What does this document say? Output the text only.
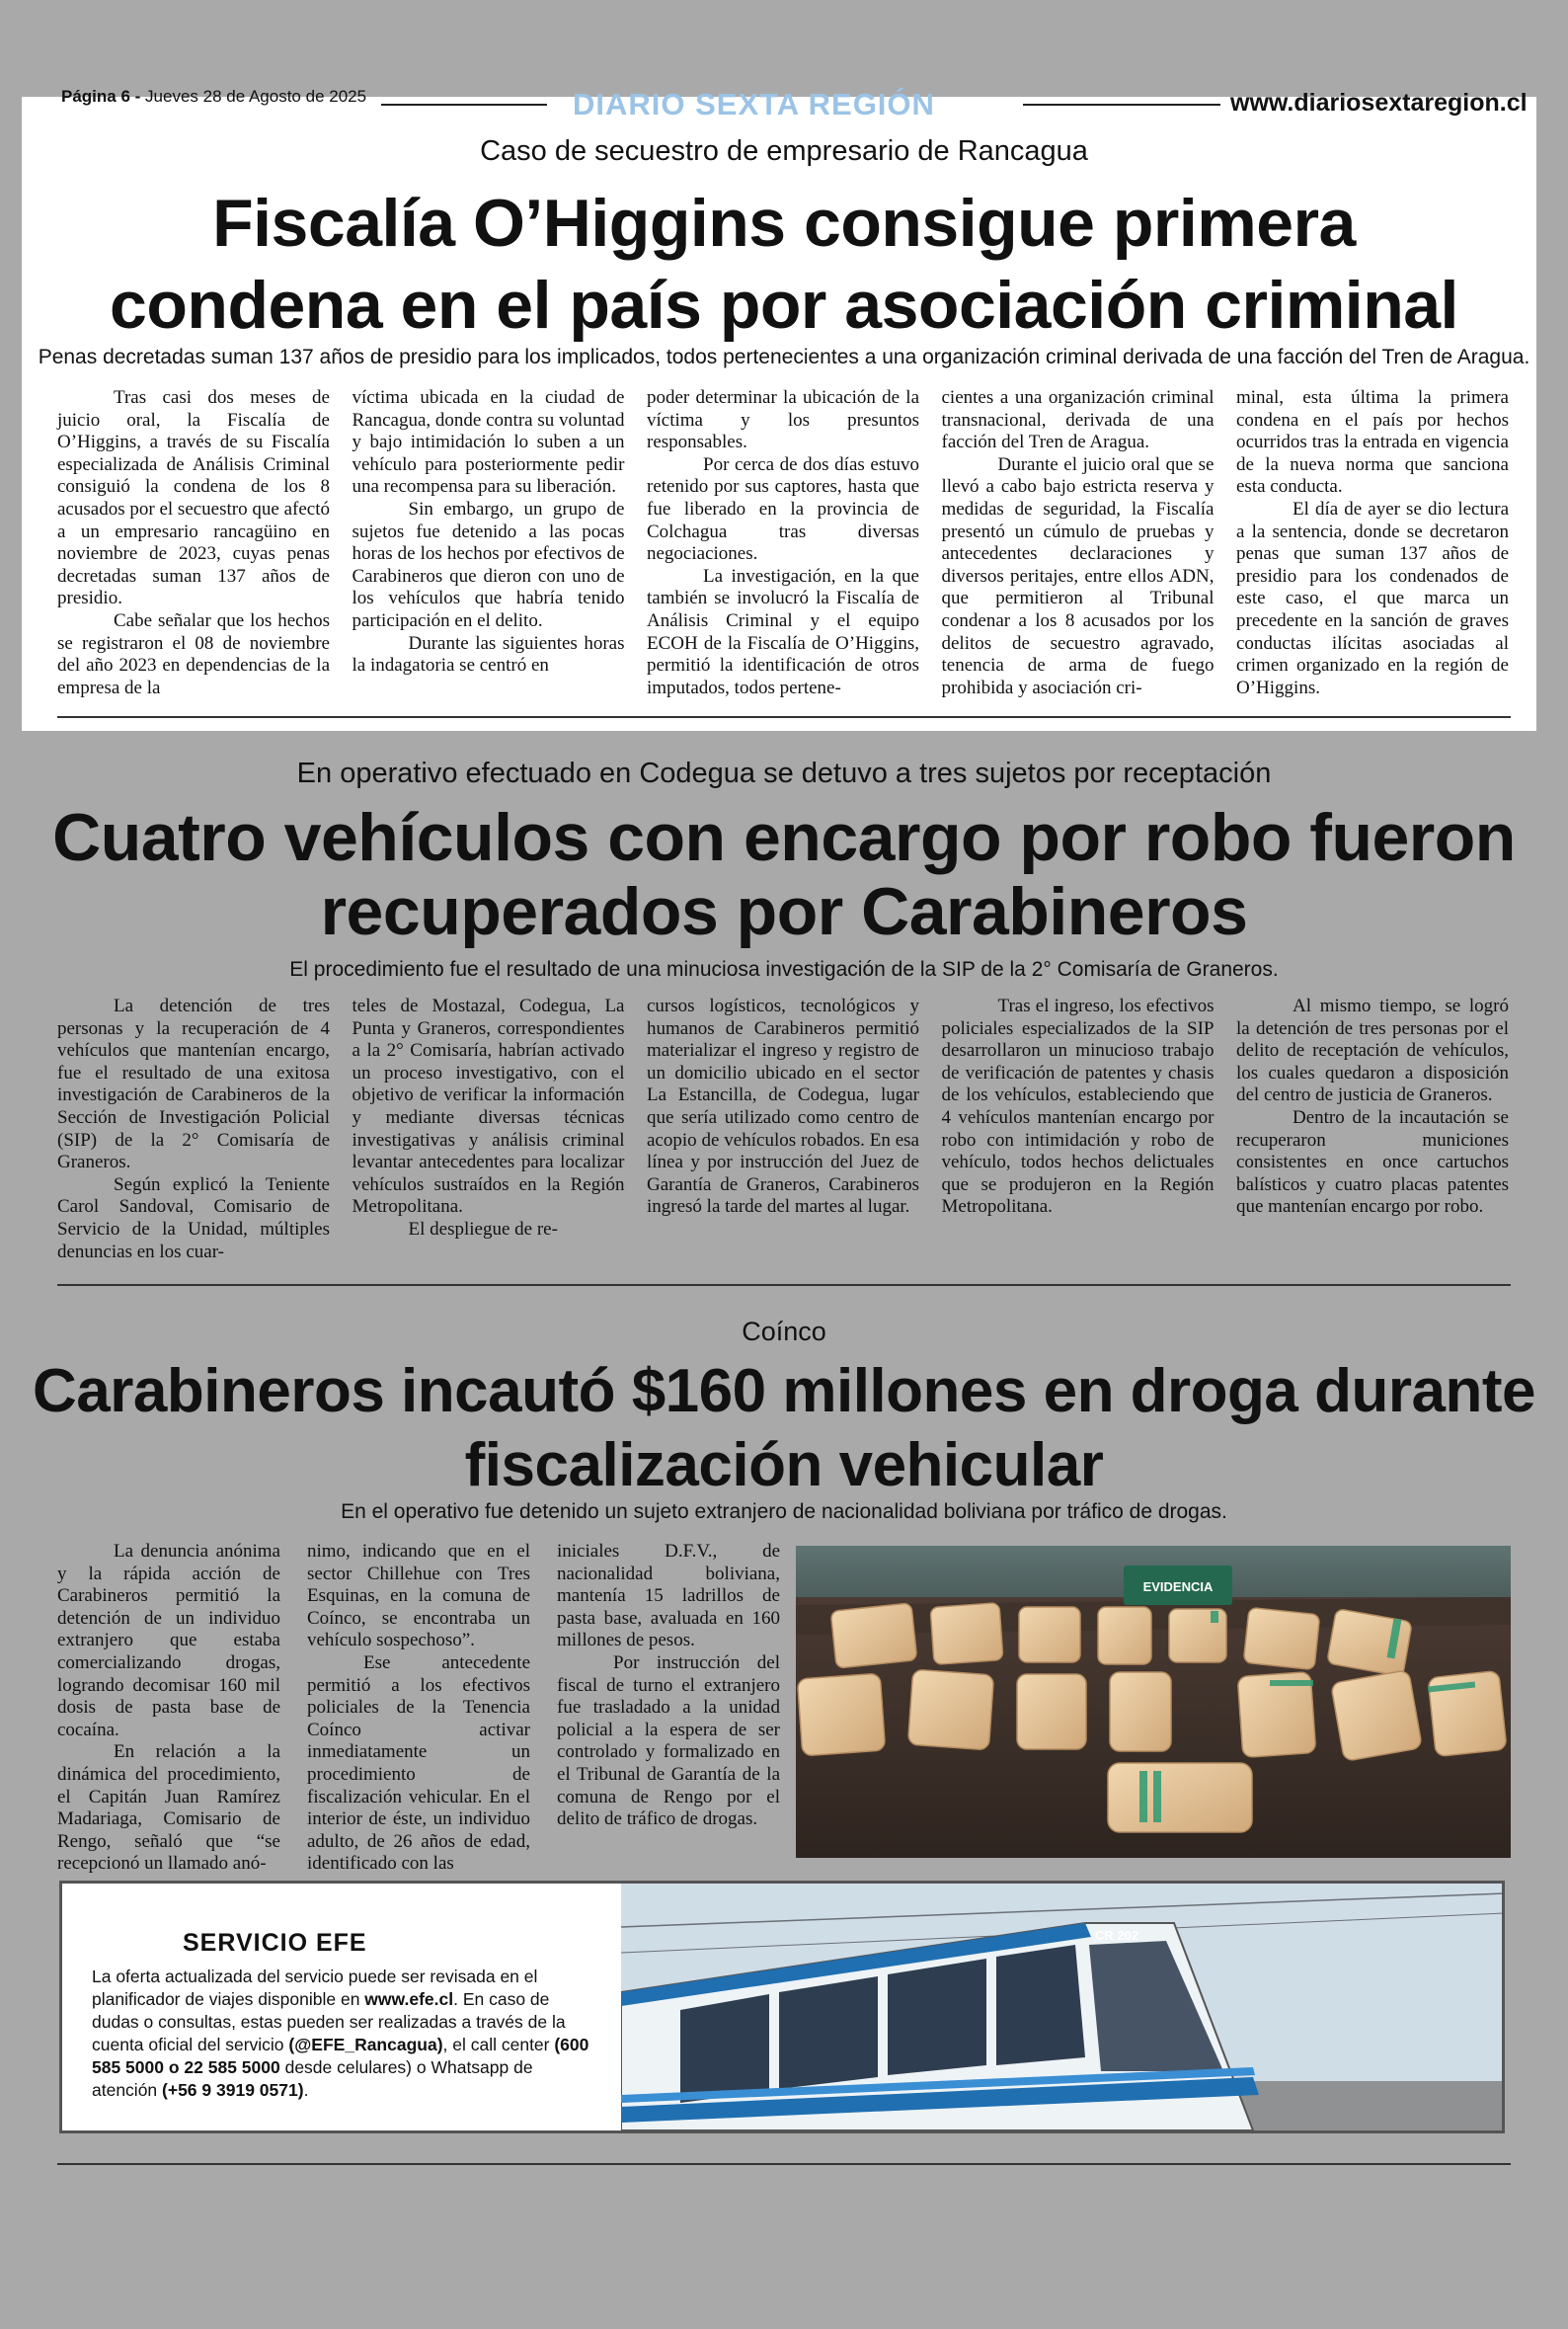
Página 6 - Jueves 28 de Agosto de 2025	DIARIO SEXTA REGIÓN	www.diariosextaregion.cl
Caso de secuestro de empresario de Rancagua
Fiscalía O’Higgins consigue primera
condena en el país por asociación criminal
Penas decretadas suman 137 años de presidio para los implicados, todos pertenecientes a una organización criminal derivada de una facción del Tren de Aragua.

Tras casi dos meses de juicio oral, la Fiscalía de O’Higgins, a través de su Fiscalía especializada de Análisis Criminal consiguió la condena de los 8 acusados por el secuestro que afectó a un empresario rancagüino en noviembre de 2023, cuyas penas decretadas suman 137 años de presidio.

Cabe señalar que los hechos se registraron el 08 de noviembre del año 2023 en dependencias de la empresa de la

víctima ubicada en la ciudad de Rancagua, donde contra su voluntad y bajo intimidación lo suben a un vehículo para posteriormente pedir una recompensa para su liberación.

Sin embargo, un grupo de sujetos fue detenido a las pocas horas de los hechos por efectivos de Carabineros que dieron con uno de los vehículos que habría tenido participación en el delito.

Durante las siguientes horas la indagatoria se centró en

poder determinar la ubicación de la víctima y los presuntos responsables.

Por cerca de dos días estuvo retenido por sus captores, hasta que fue liberado en la provincia de Colchagua tras diversas negociaciones.

La investigación, en la que también se involucró la Fiscalía de Análisis Criminal y el equipo ECOH de la Fiscalía de O’Higgins, permitió la identificación de otros imputados, todos pertene-

cientes a una organización criminal transnacional, derivada de una facción del Tren de Aragua.

Durante el juicio oral que se llevó a cabo bajo estricta reserva y medidas de seguridad, la Fiscalía presentó un cúmulo de pruebas y antecedentes declaraciones y diversos peritajes, entre ellos ADN, que permitieron al Tribunal condenar a los 8 acusados por los delitos de secuestro agravado, tenencia de arma de fuego prohibida y asociación cri-

minal, esta última la primera condena en el país por hechos ocurridos tras la entrada en vigencia de la nueva norma que sanciona esta conducta.

El día de ayer se dio lectura a la sentencia, donde se decretaron penas que suman 137 años de presidio para los condenados de este caso, el que marca un precedente en la sanción de graves conductas ilícitas asociadas al crimen organizado en la región de O’Higgins.

En operativo efectuado en Codegua se detuvo a tres sujetos por receptación
Cuatro vehículos con encargo por robo fueron
recuperados por Carabineros
El procedimiento fue el resultado de una minuciosa investigación de la SIP de la 2° Comisaría de Graneros.

La detención de tres personas y la recuperación de 4 vehículos que mantenían encargo, fue el resultado de una exitosa investigación de Carabineros de la Sección de Investigación Policial (SIP) de la 2° Comisaría de Graneros.

Según explicó la Teniente Carol Sandoval, Comisario de Servicio de la Unidad, múltiples denuncias en los cuar-

teles de Mostazal, Codegua, La Punta y Graneros, correspondientes a la 2° Comisaría, habrían activado un proceso investigativo, con el objetivo de verificar la información y mediante diversas técnicas investigativas y análisis criminal levantar antecedentes para localizar vehículos sustraídos en la Región Metropolitana.

El despliegue de re-

cursos logísticos, tecnológicos y humanos de Carabineros permitió materializar el ingreso y registro de un domicilio ubicado en el sector La Estancilla, de Codegua, lugar que sería utilizado como centro de acopio de vehículos robados. En esa línea y por instrucción del Juez de Garantía de Graneros, Carabineros ingresó la tarde del martes al lugar.

Tras el ingreso, los efectivos policiales especializados de la SIP desarrollaron un minucioso trabajo de verificación de patentes y chasis de los vehículos, estableciendo que 4 vehículos mantenían encargo por robo con intimidación y robo de vehículo, todos hechos delictuales que se produjeron en la Región Metropolitana.

Al mismo tiempo, se logró la detención de tres personas por el delito de receptación de vehículos, los cuales quedaron a disposición del centro de justicia de Graneros.

Dentro de la incautación se recuperaron municiones consistentes en once cartuchos balísticos y cuatro placas patentes que mantenían encargo por robo.

Coínco
Carabineros incautó $160 millones en droga durante
fiscalización vehicular
En el operativo fue detenido un sujeto extranjero de nacionalidad boliviana por tráfico de drogas.

La denuncia anónima y la rápida acción de Carabineros permitió la detención de un individuo extranjero que estaba comercializando drogas, logrando decomisar 160 mil dosis de pasta base de cocaína.

En relación a la dinámica del procedimiento, el Capitán Juan Ramírez Madariaga, Comisario de Rengo, señaló que “se recepcionó un llamado anó-

nimo, indicando que en el sector Chillehue con Tres Esquinas, en la comuna de Coínco, se encontraba un vehículo sospechoso”.

Ese antecedente permitió a los efectivos policiales de la Tenencia Coínco activar inmediatamente un procedimiento de fiscalización vehicular. En el interior de éste, un individuo adulto, de 26 años de edad, identificado con las

iniciales D.F.V., de nacionalidad boliviana, mantenía 15 ladrillos de pasta base, avaluada en 160 millones de pesos.

Por instrucción del fiscal de turno el extranjero fue trasladado a la unidad policial a la espera de ser controlado y formalizado en el Tribunal de Garantía de la comuna de Rengo por el delito de tráfico de drogas.

EVIDENCIA
CR 202
SERVICIO EFE
La oferta actualizada del servicio puede ser revisada en el planificador de viajes disponible en www.efe.cl. En caso de dudas o consultas, estas pueden ser realizadas a través de la cuenta oficial del servicio (@EFE_Rancagua), el call center (600 585 5000 o 22 585 5000 desde celulares) o Whatsapp de atención (+56 9 3919 0571).
